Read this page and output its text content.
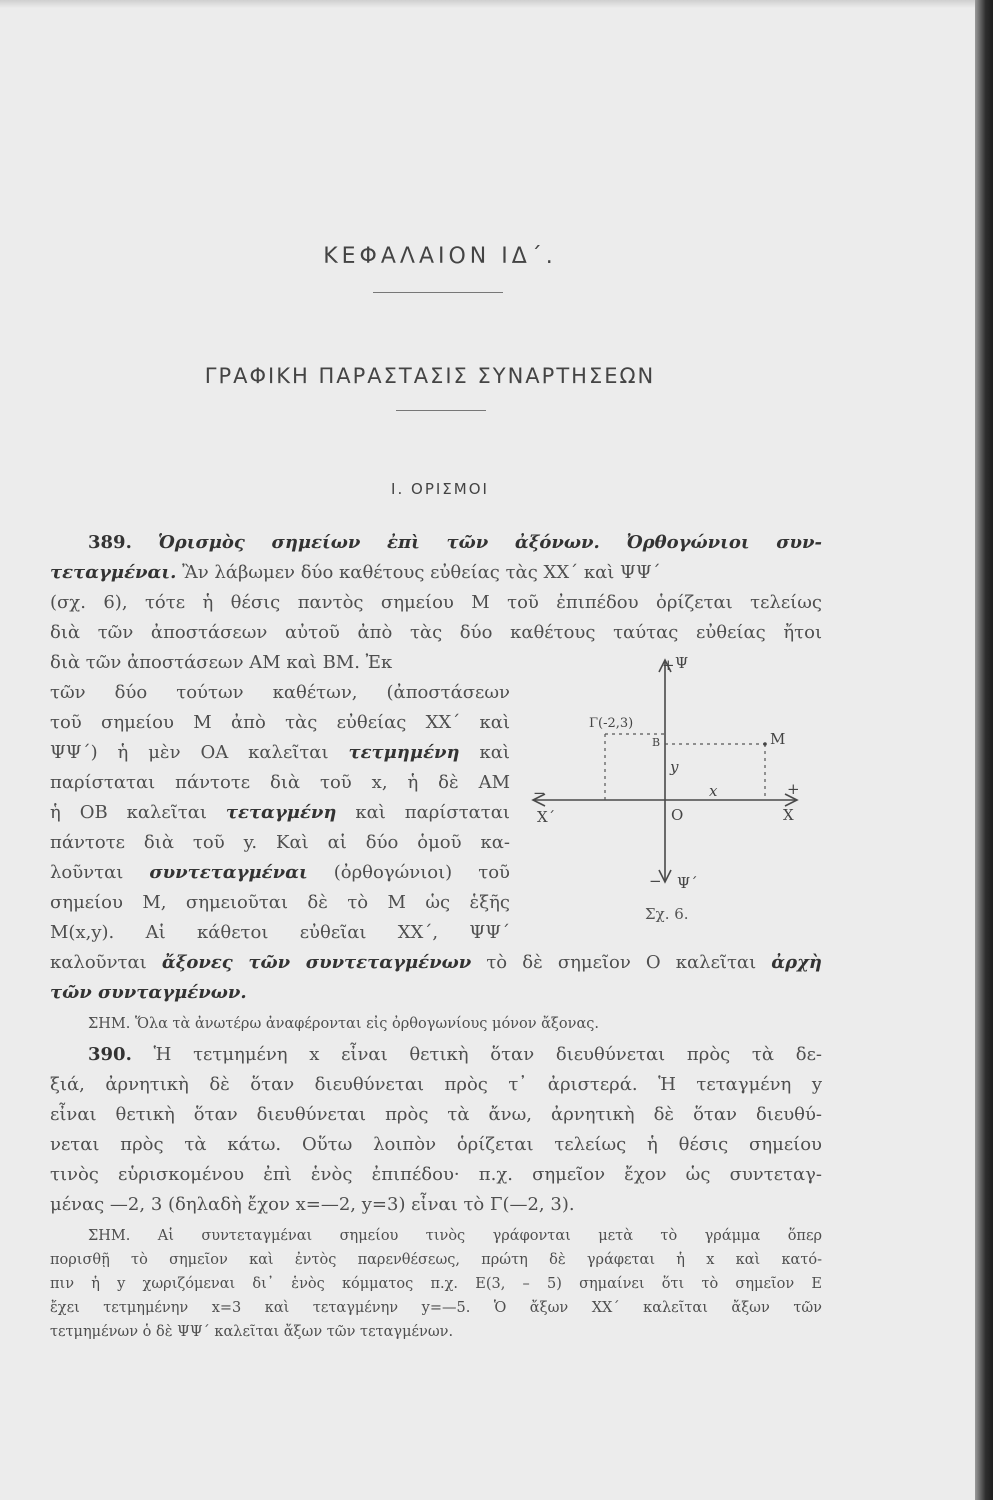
ΚΕΦΑΛΑΙΟΝ ΙΔ΄.
ΓΡΑΦΙΚΗ ΠΑΡΑΣΤΑΣΙΣ ΣΥΝΑΡΤΗΣΕΩΝ
Ι. ΟΡΙΣΜΟΙ
389. Ὁρισμὸς σημείων ἐπὶ τῶν ἀξόνων. Ὀρθογώνιοι συν-
τεταγμέναι. Ἂν λάβωμεν δύο καθέτους εὐθείας τὰς ΧΧ΄ καὶ ΨΨ΄
(σχ. 6), τότε ἡ θέσις παντὸς σημείου Μ τοῦ ἐπιπέδου ὁρίζεται τελείως
διὰ τῶν ἀποστάσεων αὐτοῦ ἀπὸ τὰς δύο καθέτους ταύτας εὐθείας ἤτοι
διὰ τῶν ἀποστάσεων ΑΜ καὶ ΒΜ. Ἐκ
τῶν δύο τούτων καθέτων, (ἀποστάσεων
τοῦ σημείου Μ ἀπὸ τὰς εὐθείας ΧΧ΄ καὶ
ΨΨ΄) ἡ μὲν ΟΑ καλεῖται τετμημένη καὶ
παρίσταται πάντοτε διὰ τοῦ x, ἡ δὲ ΑΜ
ἡ ΟΒ καλεῖται τεταγμένη καὶ παρίσταται
πάντοτε διὰ τοῦ y. Καὶ αἱ δύο ὁμοῦ κα-
λοῦνται συντεταγμέναι (ὀρθογώνιοι) τοῦ
σημείου Μ, σημειοῦται δὲ τὸ Μ ὡς ἑξῆς
Μ(x,y). Αἱ κάθετοι εὐθεῖαι ΧΧ΄, ΨΨ΄
καλοῦνται ἄξονες τῶν συντεταγμένων τὸ δὲ σημεῖον Ο καλεῖται ἀρχὴ
τῶν συνταγμένων.
ΣΗΜ. Ὅλα τὰ ἀνωτέρω ἀναφέρονται εἰς ὀρθογωνίους μόνον ἄξονας.
390. Ἡ τετμημένη x εἶναι θετικὴ ὅταν διευθύνεται πρὸς τὰ δε-
ξιά, ἀρνητικὴ δὲ ὅταν διευθύνεται πρὸς τ᾽ ἀριστερά. Ἡ τεταγμένη y
εἶναι θετικὴ ὅταν διευθύνεται πρὸς τὰ ἄνω, ἀρνητικὴ δὲ ὅταν διευθύ-
νεται πρὸς τὰ κάτω. Οὕτω λοιπὸν ὁρίζεται τελείως ἡ θέσις σημείου
τινὸς εὑρισκομένου ἐπὶ ἑνὸς ἐπιπέδου· π.χ. σημεῖον ἔχον ὡς συντεταγ-
μένας —2, 3 (δηλαδὴ ἔχον x=—2, y=3) εἶναι τὸ Γ(—2, 3).
ΣΗΜ. Αἱ συντεταγμέναι σημείου τινὸς γράφονται μετὰ τὸ γράμμα ὅπερ
πορισθῇ τὸ σημεῖον καὶ ἐντὸς παρενθέσεως, πρώτη δὲ γράφεται ἡ x καὶ κατό-
πιν ἡ y χωριζόμεναι δι᾽ ἑνὸς κόμματος π.χ. Ε(3, – 5) σημαίνει ὅτι τὸ σημεῖον Ε
ἔχει τετμημένην x=3 καὶ τεταγμένην y=—5. Ὁ ἄξων ΧΧ΄ καλεῖται ἄξων τῶν
τετμημένων ὁ δὲ ΨΨ΄ καλεῖται ἄξων τῶν τεταγμένων.
+ Ψ
Γ(-2,3)
Β	Μ
y
x	+
−
Χ΄	Ο	Χ
− Ψ΄
Σχ. 6.
